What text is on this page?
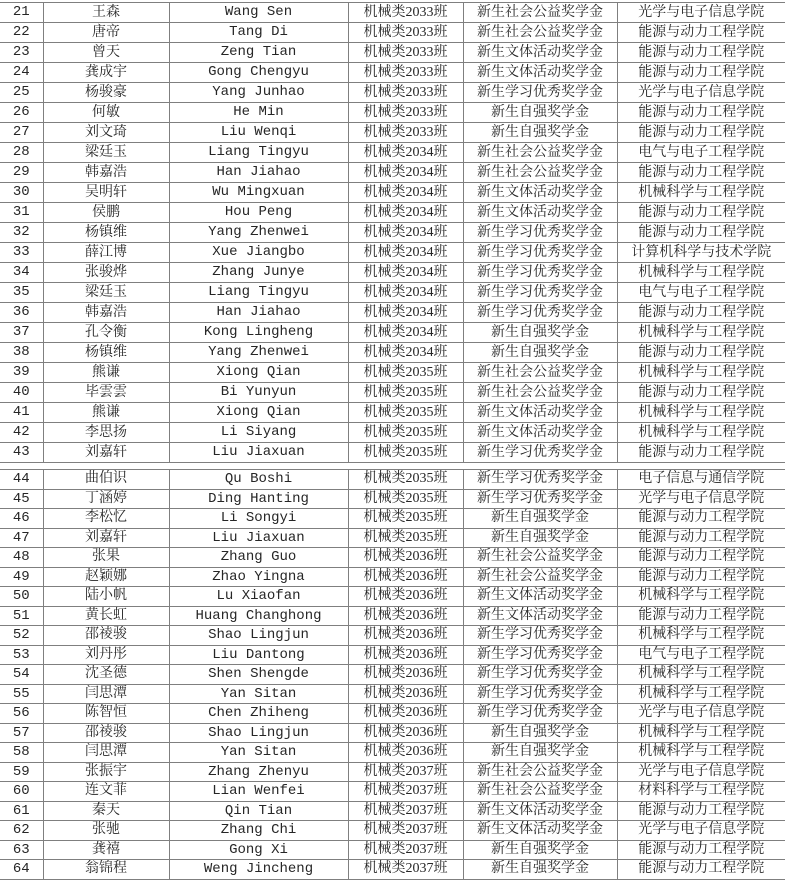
21	王森	Wang Sen	机械类2033班	新生社会公益奖学金	光学与电子信息学院
22	唐帝	Tang Di	机械类2033班	新生社会公益奖学金	能源与动力工程学院
23	曾天	Zeng Tian	机械类2033班	新生文体活动奖学金	能源与动力工程学院
24	龚成宇	Gong Chengyu	机械类2033班	新生文体活动奖学金	能源与动力工程学院
25	杨骏豪	Yang Junhao	机械类2033班	新生学习优秀奖学金	光学与电子信息学院
26	何敏	He Min	机械类2033班	新生自强奖学金	能源与动力工程学院
27	刘文琦	Liu Wenqi	机械类2033班	新生自强奖学金	能源与动力工程学院
28	梁廷玉	Liang Tingyu	机械类2034班	新生社会公益奖学金	电气与电子工程学院
29	韩嘉浩	Han Jiahao	机械类2034班	新生社会公益奖学金	能源与动力工程学院
30	吴明轩	Wu Mingxuan	机械类2034班	新生文体活动奖学金	机械科学与工程学院
31	侯鹏	Hou Peng	机械类2034班	新生文体活动奖学金	能源与动力工程学院
32	杨镇维	Yang Zhenwei	机械类2034班	新生学习优秀奖学金	能源与动力工程学院
33	薛江博	Xue Jiangbo	机械类2034班	新生学习优秀奖学金	计算机科学与技术学院
34	张骏烨	Zhang Junye	机械类2034班	新生学习优秀奖学金	机械科学与工程学院
35	梁廷玉	Liang Tingyu	机械类2034班	新生学习优秀奖学金	电气与电子工程学院
36	韩嘉浩	Han Jiahao	机械类2034班	新生学习优秀奖学金	能源与动力工程学院
37	孔令衡	Kong Lingheng	机械类2034班	新生自强奖学金	机械科学与工程学院
38	杨镇维	Yang Zhenwei	机械类2034班	新生自强奖学金	能源与动力工程学院
39	熊谦	Xiong Qian	机械类2035班	新生社会公益奖学金	机械科学与工程学院
40	毕雲雲	Bi Yunyun	机械类2035班	新生社会公益奖学金	能源与动力工程学院
41	熊谦	Xiong Qian	机械类2035班	新生文体活动奖学金	机械科学与工程学院
42	李思扬	Li Siyang	机械类2035班	新生文体活动奖学金	机械科学与工程学院
43	刘嘉轩	Liu Jiaxuan	机械类2035班	新生学习优秀奖学金	能源与动力工程学院
44	曲伯识	Qu Boshi	机械类2035班	新生学习优秀奖学金	电子信息与通信学院
45	丁涵婷	Ding Hanting	机械类2035班	新生学习优秀奖学金	光学与电子信息学院
46	李松忆	Li Songyi	机械类2035班	新生自强奖学金	能源与动力工程学院
47	刘嘉轩	Liu Jiaxuan	机械类2035班	新生自强奖学金	能源与动力工程学院
48	张果	Zhang Guo	机械类2036班	新生社会公益奖学金	能源与动力工程学院
49	赵颖娜	Zhao Yingna	机械类2036班	新生社会公益奖学金	能源与动力工程学院
50	陆小帆	Lu Xiaofan	机械类2036班	新生文体活动奖学金	机械科学与工程学院
51	黄长虹	Huang Changhong	机械类2036班	新生文体活动奖学金	能源与动力工程学院
52	邵祾骏	Shao Lingjun	机械类2036班	新生学习优秀奖学金	机械科学与工程学院
53	刘丹彤	Liu Dantong	机械类2036班	新生学习优秀奖学金	电气与电子工程学院
54	沈圣德	Shen Shengde	机械类2036班	新生学习优秀奖学金	机械科学与工程学院
55	闫思潭	Yan Sitan	机械类2036班	新生学习优秀奖学金	机械科学与工程学院
56	陈智恒	Chen Zhiheng	机械类2036班	新生学习优秀奖学金	光学与电子信息学院
57	邵祾骏	Shao Lingjun	机械类2036班	新生自强奖学金	机械科学与工程学院
58	闫思潭	Yan Sitan	机械类2036班	新生自强奖学金	机械科学与工程学院
59	张振宇	Zhang Zhenyu	机械类2037班	新生社会公益奖学金	光学与电子信息学院
60	连文菲	Lian Wenfei	机械类2037班	新生社会公益奖学金	材料科学与工程学院
61	秦天	Qin Tian	机械类2037班	新生文体活动奖学金	能源与动力工程学院
62	张驰	Zhang Chi	机械类2037班	新生文体活动奖学金	光学与电子信息学院
63	龚禧	Gong Xi	机械类2037班	新生自强奖学金	能源与动力工程学院
64	翁锦程	Weng Jincheng	机械类2037班	新生自强奖学金	能源与动力工程学院
